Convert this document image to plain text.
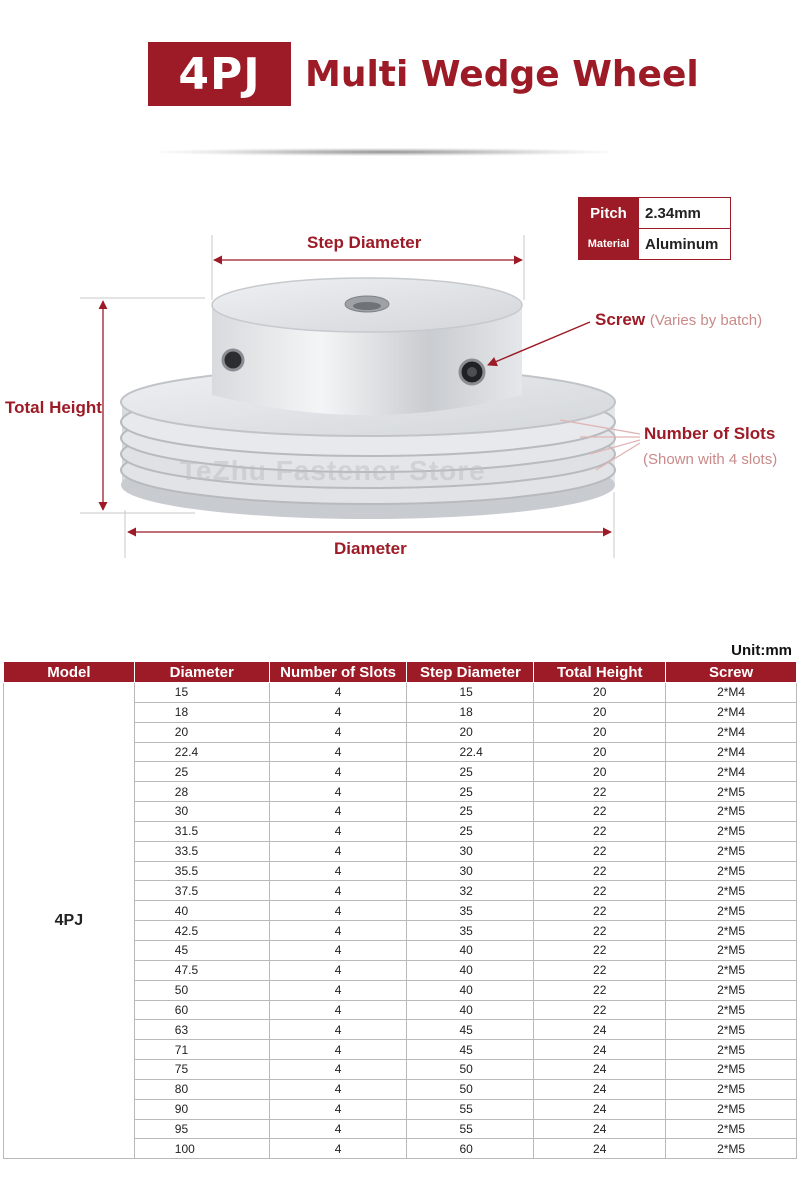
4PJ	Multi Wedge Wheel
Step Diameter
Total Height
Diameter
Screw (Varies by batch)
Number of Slots
(Shown with 4 slots)
TeZhu Fastener Store
Pitch	2.34mm
Material	Aluminum
Unit:mm
Model	Diameter	Number of Slots	Step Diameter	Total Height	Screw
4PJ	15	4	15	20	2*M4
	18	4	18	20	2*M4
	20	4	20	20	2*M4
	22.4	4	22.4	20	2*M4
	25	4	25	20	2*M4
	28	4	25	22	2*M5
	30	4	25	22	2*M5
	31.5	4	25	22	2*M5
	33.5	4	30	22	2*M5
	35.5	4	30	22	2*M5
	37.5	4	32	22	2*M5
	40	4	35	22	2*M5
	42.5	4	35	22	2*M5
	45	4	40	22	2*M5
	47.5	4	40	22	2*M5
	50	4	40	22	2*M5
	60	4	40	22	2*M5
	63	4	45	24	2*M5
	71	4	45	24	2*M5
	75	4	50	24	2*M5
	80	4	50	24	2*M5
	90	4	55	24	2*M5
	95	4	55	24	2*M5
	100	4	60	24	2*M5
